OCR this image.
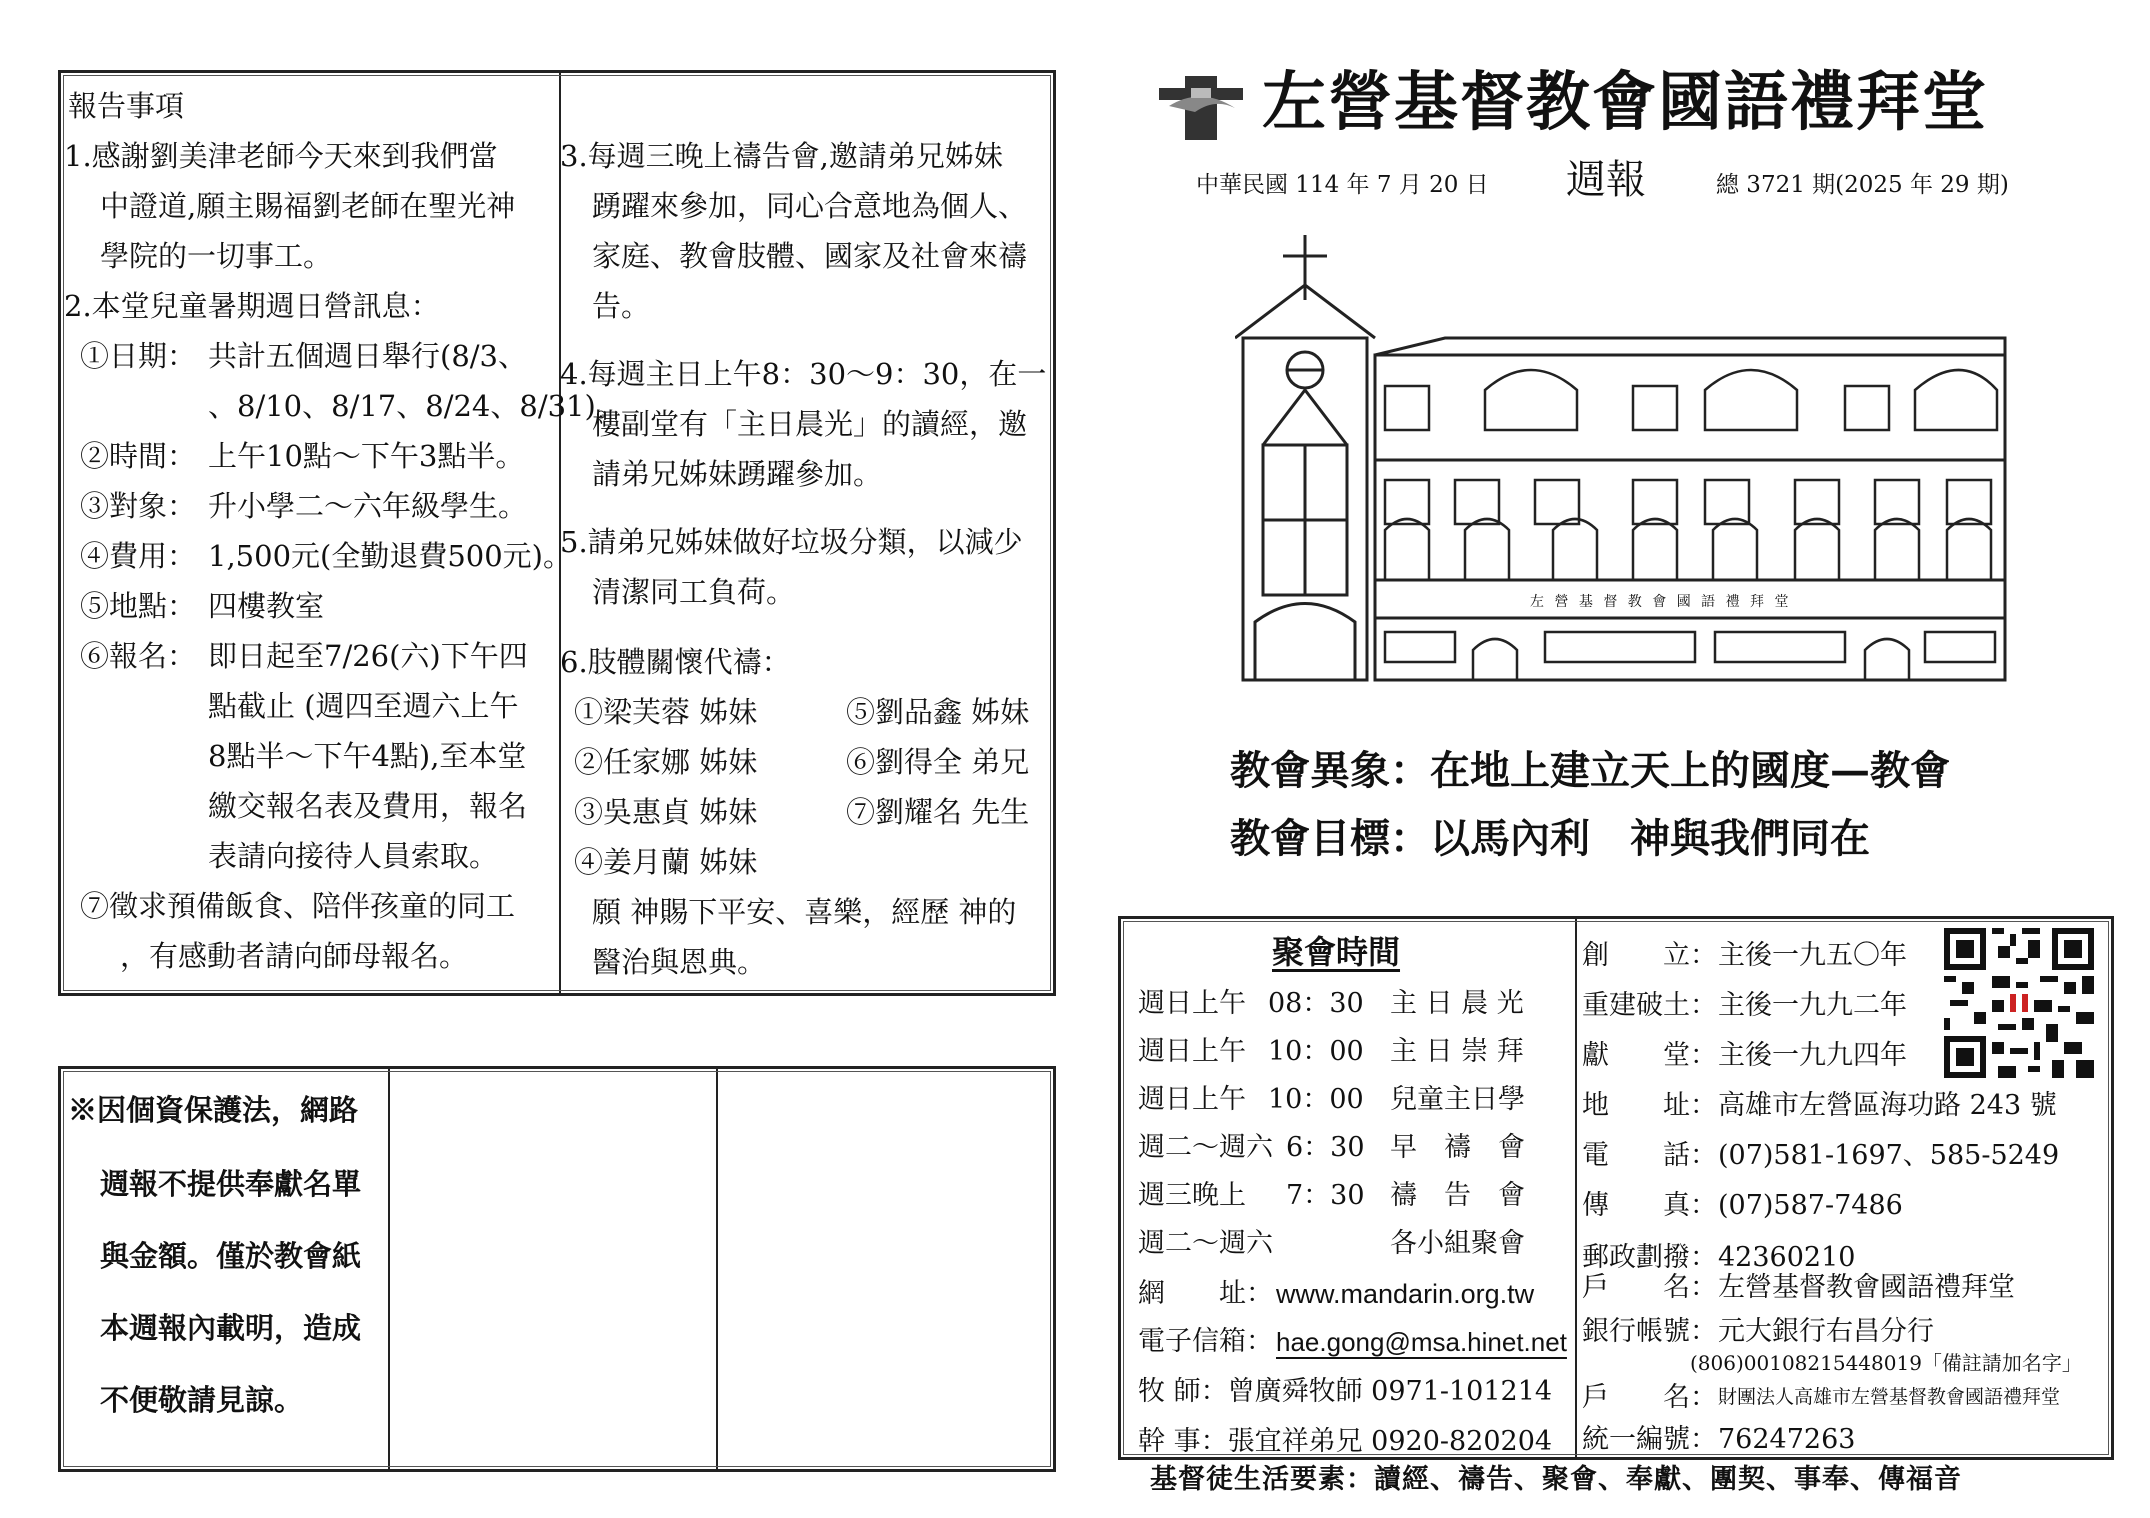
報告事項
1.感謝劉美津老師今天來到我們當
中證道,願主賜福劉老師在聖光神
學院的一切事工。
2.本堂兒童暑期週日營訊息：
①日期： 共計五個週日舉行(8/3、
、8/10、8/17、8/24、8/31)。
②時間： 上午10點～下午3點半。
③對象： 升小學二～六年級學生。
④費用： 1,500元(全勤退費500元)。
⑤地點： 四樓教室
⑥報名： 即日起至7/26(六)下午四
點截止 (週四至週六上午
8點半～下午4點),至本堂
繳交報名表及費用，報名
表請向接待人員索取。
⑦徵求預備飯食、陪伴孩童的同工
，有感動者請向師母報名。
3.每週三晚上禱告會,邀請弟兄姊妹
踴躍來參加，同心合意地為個人、
家庭、教會肢體、國家及社會來禱
告。
4.每週主日上午8：30～9：30，在一
樓副堂有「主日晨光」的讀經，邀
請弟兄姊妹踴躍參加。
5.請弟兄姊妹做好垃圾分類，以減少
清潔同工負荷。
6.肢體關懷代禱：
①梁芙蓉 姊妹	⑤劉品鑫 姊妹
②任家娜 姊妹	⑥劉得全 弟兄
③吳惠貞 姊妹	⑦劉耀名 先生
④姜月蘭 姊妹
願 神賜下平安、喜樂，經歷 神的
醫治與恩典。
※因個資保護法，網路
週報不提供奉獻名單
與金額。僅於教會紙
本週報內載明，造成
不便敬請見諒。
左營基督教會國語禮拜堂
中華民國 114 年 7 月 20 日 週報	總 3721 期(2025 年 29 期)
左 營 基 督 教 會 國 語 禮 拜 堂
教會異象：在地上建立天上的國度—教會
教會目標：以馬內利　神與我們同在
聚會時間
週日上午 08：30 主 日 晨 光
週日上午 10：00 主 日 崇 拜
週日上午 10：00 兒童主日學
週二～週六 6：30 早　禱　會
週三晚上 7：30 禱　告　會
週二～週六	各小組聚會
網　　址： www.mandarin.org.tw
電子信箱： hae.gong@msa.hinet.net
牧 師：曾廣舜牧師 0971-101214
幹 事：張宜祥弟兄 0920-820204
創　　立： 主後一九五〇年
重建破土： 主後一九九二年
獻　　堂： 主後一九九四年
地　　址： 高雄市左營區海功路 243 號
電　　話： (07)581-1697、585-5249
傳　　真： (07)587-7486
郵政劃撥： 42360210
戶　　名： 左營基督教會國語禮拜堂
銀行帳號： 元大銀行右昌分行
(806)00108215448019「備註請加名字」
戶　　名： 財團法人高雄市左營基督教會國語禮拜堂
統一編號： 76247263
基督徒生活要素：讀經、禱告、聚會、奉獻、團契、事奉、傳福音
